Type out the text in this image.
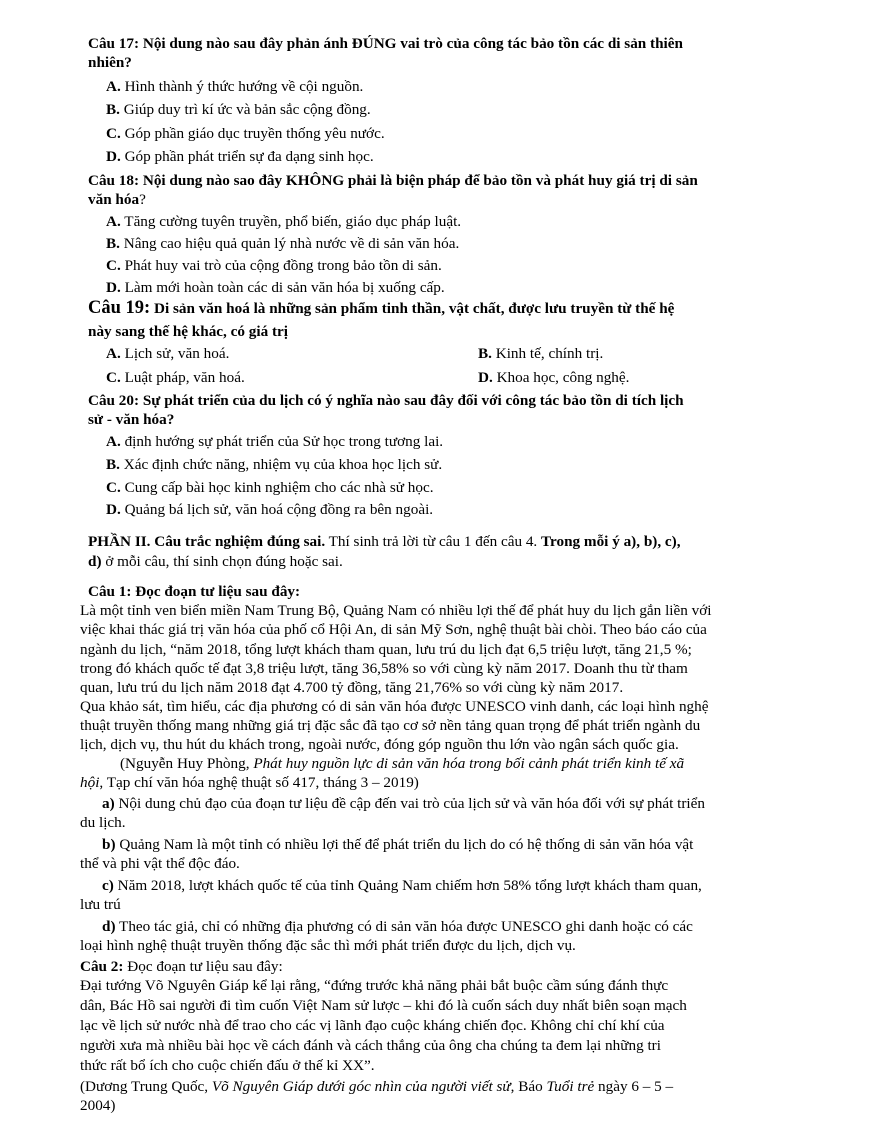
Câu 17: Nội dung nào sau đây phản ánh ĐÚNG vai trò của công tác bảo tồn các di sản thiên
nhiên?
A. Hình thành ý thức hướng về cội nguồn.
B. Giúp duy trì kí ức và bản sắc cộng đồng.
C. Góp phần giáo dục truyền thống yêu nước.
D. Góp phần phát triển sự đa dạng sinh học.
Câu 18: Nội dung nào sao đây KHÔNG phải là biện pháp để bảo tồn và phát huy giá trị di sản
văn hóa?
A. Tăng cường tuyên truyền, phổ biến, giáo dục pháp luật.
B. Nâng cao hiệu quả quản lý nhà nước về di sản văn hóa.
C. Phát huy vai trò của cộng đồng trong bảo tồn di sản.
D. Làm mới hoàn toàn các di sản văn hóa bị xuống cấp.
Câu 19: Di sản văn hoá là những sản phẩm tinh thần, vật chất, được lưu truyền từ thế hệ
này sang thế hệ khác, có giá trị
A. Lịch sử, văn hoá.	B. Kinh tế, chính trị.
C. Luật pháp, văn hoá.	D. Khoa học, công nghệ.
Câu 20: Sự phát triển của du lịch có ý nghĩa nào sau đây đối với công tác bảo tồn di tích lịch
sử - văn hóa?
A. định hướng sự phát triển của Sử học trong tương lai.
B. Xác định chức năng, nhiệm vụ của khoa học lịch sử.
C. Cung cấp bài học kinh nghiệm cho các nhà sử học.
D. Quảng bá lịch sử, văn hoá cộng đồng ra bên ngoài.
PHẦN II. Câu trắc nghiệm đúng sai. Thí sinh trả lời từ câu 1 đến câu 4. Trong mỗi ý a), b), c),
d) ở mỗi câu, thí sinh chọn đúng hoặc sai.
Câu 1: Đọc đoạn tư liệu sau đây:
Là một tỉnh ven biển miền Nam Trung Bộ, Quảng Nam có nhiều lợi thế để phát huy du lịch gắn liền với
việc khai thác giá trị văn hóa của phố cổ Hội An, di sản Mỹ Sơn, nghệ thuật bài chòi. Theo báo cáo của
ngành du lịch, “năm 2018, tổng lượt khách tham quan, lưu trú du lịch đạt 6,5 triệu lượt, tăng 21,5 %;
trong đó khách quốc tế đạt 3,8 triệu lượt, tăng 36,58% so với cùng kỳ năm 2017. Doanh thu từ tham
quan, lưu trú du lịch năm 2018 đạt 4.700 tỷ đồng, tăng 21,76% so với cùng kỳ năm 2017.
Qua khảo sát, tìm hiểu, các địa phương có di sản văn hóa được UNESCO vinh danh, các loại hình nghệ
thuật truyền thống mang những giá trị đặc sắc đã tạo cơ sở nền tảng quan trọng để phát triển ngành du
lịch, dịch vụ, thu hút du khách trong, ngoài nước, đóng góp nguồn thu lớn vào ngân sách quốc gia.
(Nguyễn Huy Phòng, Phát huy nguồn lực di sản văn hóa trong bối cảnh phát triển kinh tế xã
hội, Tạp chí văn hóa nghệ thuật số 417, tháng 3 – 2019)
a) Nội dung chủ đạo của đoạn tư liệu đề cập đến vai trò của lịch sử và văn hóa đối với sự phát triển
du lịch.
b) Quảng Nam là một tỉnh có nhiều lợi thế để phát triển du lịch do có hệ thống di sản văn hóa vật
thể và phi vật thể độc đáo.
c) Năm 2018, lượt khách quốc tế của tỉnh Quảng Nam chiếm hơn 58% tổng lượt khách tham quan,
lưu trú
d) Theo tác giả, chỉ có những địa phương có di sản văn hóa được UNESCO ghi danh hoặc có các
loại hình nghệ thuật truyền thống đặc sắc thì mới phát triển được du lịch, dịch vụ.
Câu 2: Đọc đoạn tư liệu sau đây:
Đại tướng Võ Nguyên Giáp kể lại rằng, “đứng trước khả năng phải bắt buộc cầm súng đánh thực
dân, Bác Hồ sai người đi tìm cuốn Việt Nam sử lược – khi đó là cuốn sách duy nhất biên soạn mạch
lạc về lịch sử nước nhà để trao cho các vị lãnh đạo cuộc kháng chiến đọc. Không chỉ chí khí của
người xưa mà nhiều bài học về cách đánh và cách thắng của ông cha chúng ta đem lại những tri
thức rất bổ ích cho cuộc chiến đấu ở thế kỉ XX”.
(Dương Trung Quốc, Võ Nguyên Giáp dưới góc nhìn của người viết sử, Báo Tuổi trẻ ngày 6 – 5 –
2004)
